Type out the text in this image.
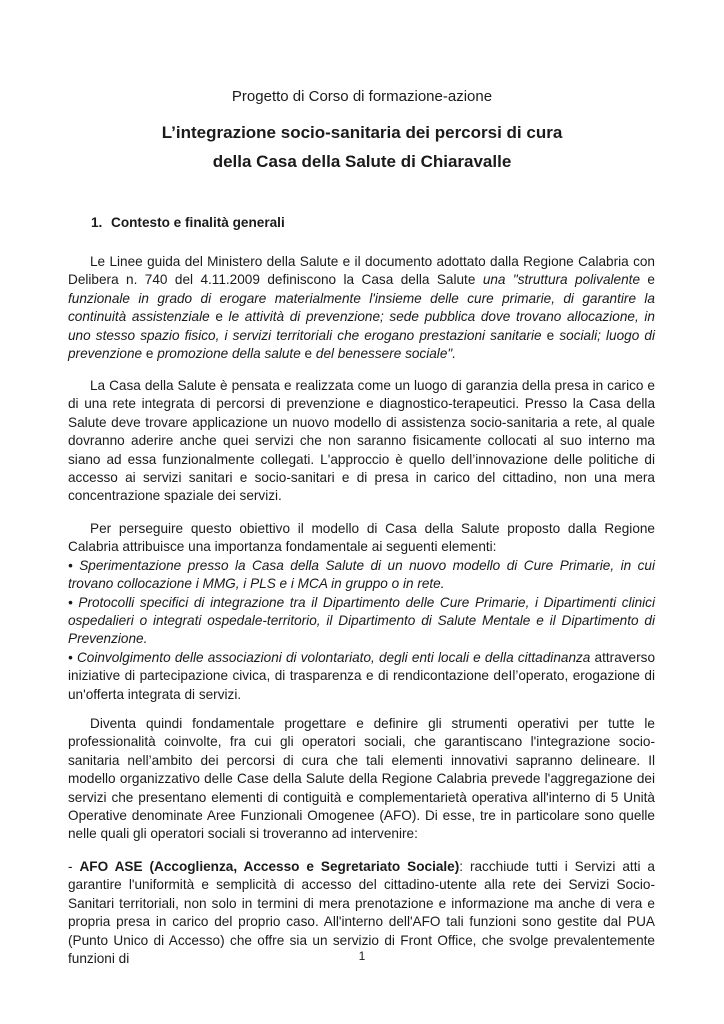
Progetto di Corso di formazione-azione
L’integrazione socio-sanitaria dei percorsi di cura
della Casa della Salute di Chiaravalle
1. Contesto e finalità generali

Le Linee guida del Ministero della Salute e il documento adottato dalla Regione Calabria con Delibera n. 740 del 4.11.2009 definiscono la Casa della Salute una "struttura polivalente e funzionale in grado di erogare materialmente l'insieme delle cure primarie, di garantire la continuità assistenziale e le attività di prevenzione; sede pubblica dove trovano allocazione, in uno stesso spazio fisico, i servizi territoriali che erogano prestazioni sanitarie e sociali; luogo di prevenzione e promozione della salute e del benessere sociale".

La Casa della Salute è pensata e realizzata come un luogo di garanzia della presa in carico e di una rete integrata di percorsi di prevenzione e diagnostico-terapeutici. Presso la Casa della Salute deve trovare applicazione un nuovo modello di assistenza socio-sanitaria a rete, al quale dovranno aderire anche quei servizi che non saranno fisicamente collocati al suo interno ma siano ad essa funzionalmente collegati. L'approccio è quello dell’innovazione delle politiche di accesso ai servizi sanitari e socio-sanitari e di presa in carico del cittadino, non una mera concentrazione spaziale dei servizi.

Per perseguire questo obiettivo il modello di Casa della Salute proposto dalla Regione Calabria attribuisce una importanza fondamentale ai seguenti elementi:

• Sperimentazione presso la Casa della Salute di un nuovo modello di Cure Primarie, in cui trovano collocazione i MMG, i PLS e i MCA in gruppo o in rete.

• Protocolli specifici di integrazione tra il Dipartimento delle Cure Primarie, i Dipartimenti clinici ospedalieri o integrati ospedale-territorio, il Dipartimento di Salute Mentale e il Dipartimento di Prevenzione.

• Coinvolgimento delle associazioni di volontariato, degli enti locali e della cittadinanza attraverso iniziative di partecipazione civica, di trasparenza e di rendicontazione deIl’operato, erogazione di un'offerta integrata di servizi.

Diventa quindi fondamentale progettare e definire gli strumenti operativi per tutte le professionalità coinvolte, fra cui gli operatori sociali, che garantiscano l'integrazione socio-sanitaria nell’ambito dei percorsi di cura che tali elementi innovativi sapranno delineare. Il modello organizzativo delle Case della Salute della Regione Calabria prevede l'aggregazione dei servizi che presentano elementi di contiguità e complementarietà operativa all'interno di 5 Unità Operative denominate Aree Funzionali Omogenee (AFO). Di esse, tre in particolare sono quelle nelle quali gli operatori sociali si troveranno ad intervenire:

- AFO ASE (Accoglienza, Accesso e Segretariato Sociale): racchiude tutti i Servizi atti a garantire l'uniformità e semplicità di accesso del cittadino-utente alla rete dei Servizi Socio-Sanitari territoriali, non solo in termini di mera prenotazione e informazione ma anche di vera e propria presa in carico del proprio caso. All'interno dell'AFO tali funzioni sono gestite dal PUA (Punto Unico di Accesso) che offre sia un servizio di Front Office, che svolge prevalentemente funzioni di	1
